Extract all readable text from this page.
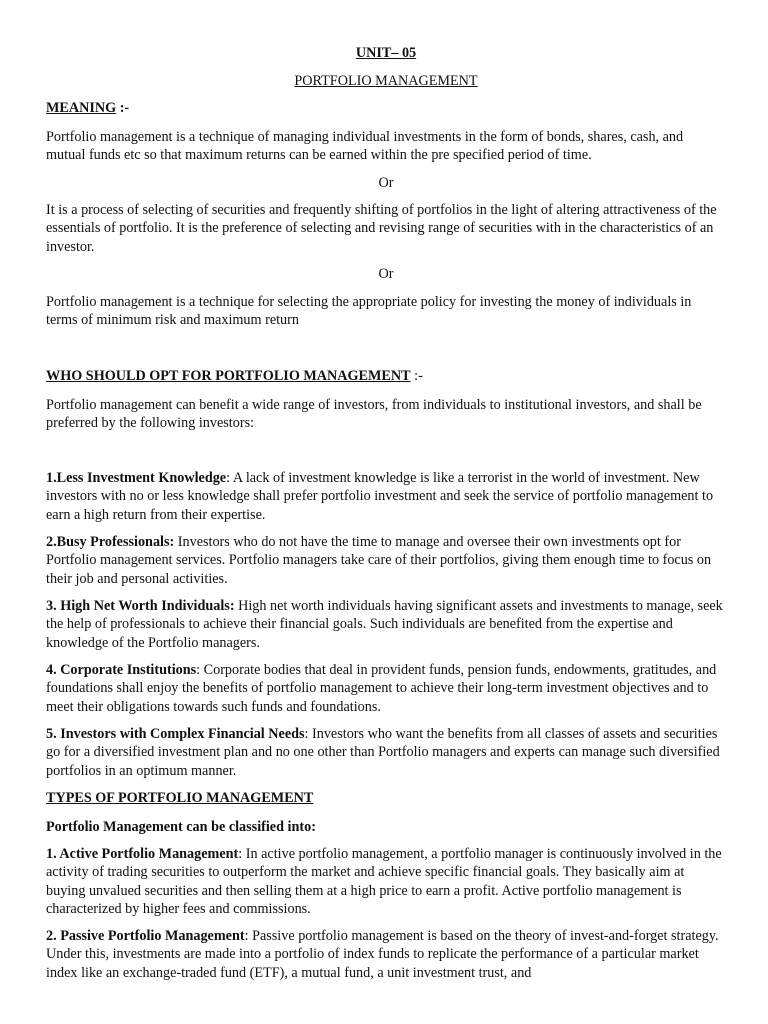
UNIT– 05
PORTFOLIO MANAGEMENT
MEANING :-

Portfolio management is a technique of managing individual investments in the form of bonds, shares, cash, and mutual funds etc so that maximum returns can be earned within the pre specified period of time.

Or

It is a process of selecting of securities and frequently shifting of portfolios in the light of altering attractiveness of the essentials of portfolio. It is the preference of selecting and revising range of securities with in the characteristics of an investor.

Or

Portfolio management is a technique for selecting the appropriate policy for investing the money of individuals in terms of minimum risk and maximum return

WHO SHOULD OPT FOR PORTFOLIO MANAGEMENT :-

Portfolio management can benefit a wide range of investors, from individuals to institutional investors, and shall be preferred by the following investors:

1.Less Investment Knowledge: A lack of investment knowledge is like a terrorist in the world of investment. New investors with no or less knowledge shall prefer portfolio investment and seek the service of portfolio management to earn a high return from their expertise.

2.Busy Professionals: Investors who do not have the time to manage and oversee their own investments opt for Portfolio management services. Portfolio managers take care of their portfolios, giving them enough time to focus on their job and personal activities.

3. High Net Worth Individuals: High net worth individuals having significant assets and investments to manage, seek the help of professionals to achieve their financial goals. Such individuals are benefited from the expertise and knowledge of the Portfolio managers.

4. Corporate Institutions: Corporate bodies that deal in provident funds, pension funds, endowments, gratitudes, and foundations shall enjoy the benefits of portfolio management to achieve their long-term investment objectives and to meet their obligations towards such funds and foundations.

5. Investors with Complex Financial Needs: Investors who want the benefits from all classes of assets and securities go for a diversified investment plan and no one other than Portfolio managers and experts can manage such diversified portfolios in an optimum manner.

TYPES OF PORTFOLIO MANAGEMENT
Portfolio Management can be classified into:

1. Active Portfolio Management: In active portfolio management, a portfolio manager is continuously involved in the activity of trading securities to outperform the market and achieve specific financial goals. They basically aim at buying unvalued securities and then selling them at a high price to earn a profit. Active portfolio management is characterized by higher fees and commissions.

2. Passive Portfolio Management: Passive portfolio management is based on the theory of invest-and-forget strategy. Under this, investments are made into a portfolio of index funds to replicate the performance of a particular market index like an exchange-traded fund (ETF), a mutual fund, a unit investment trust, and
